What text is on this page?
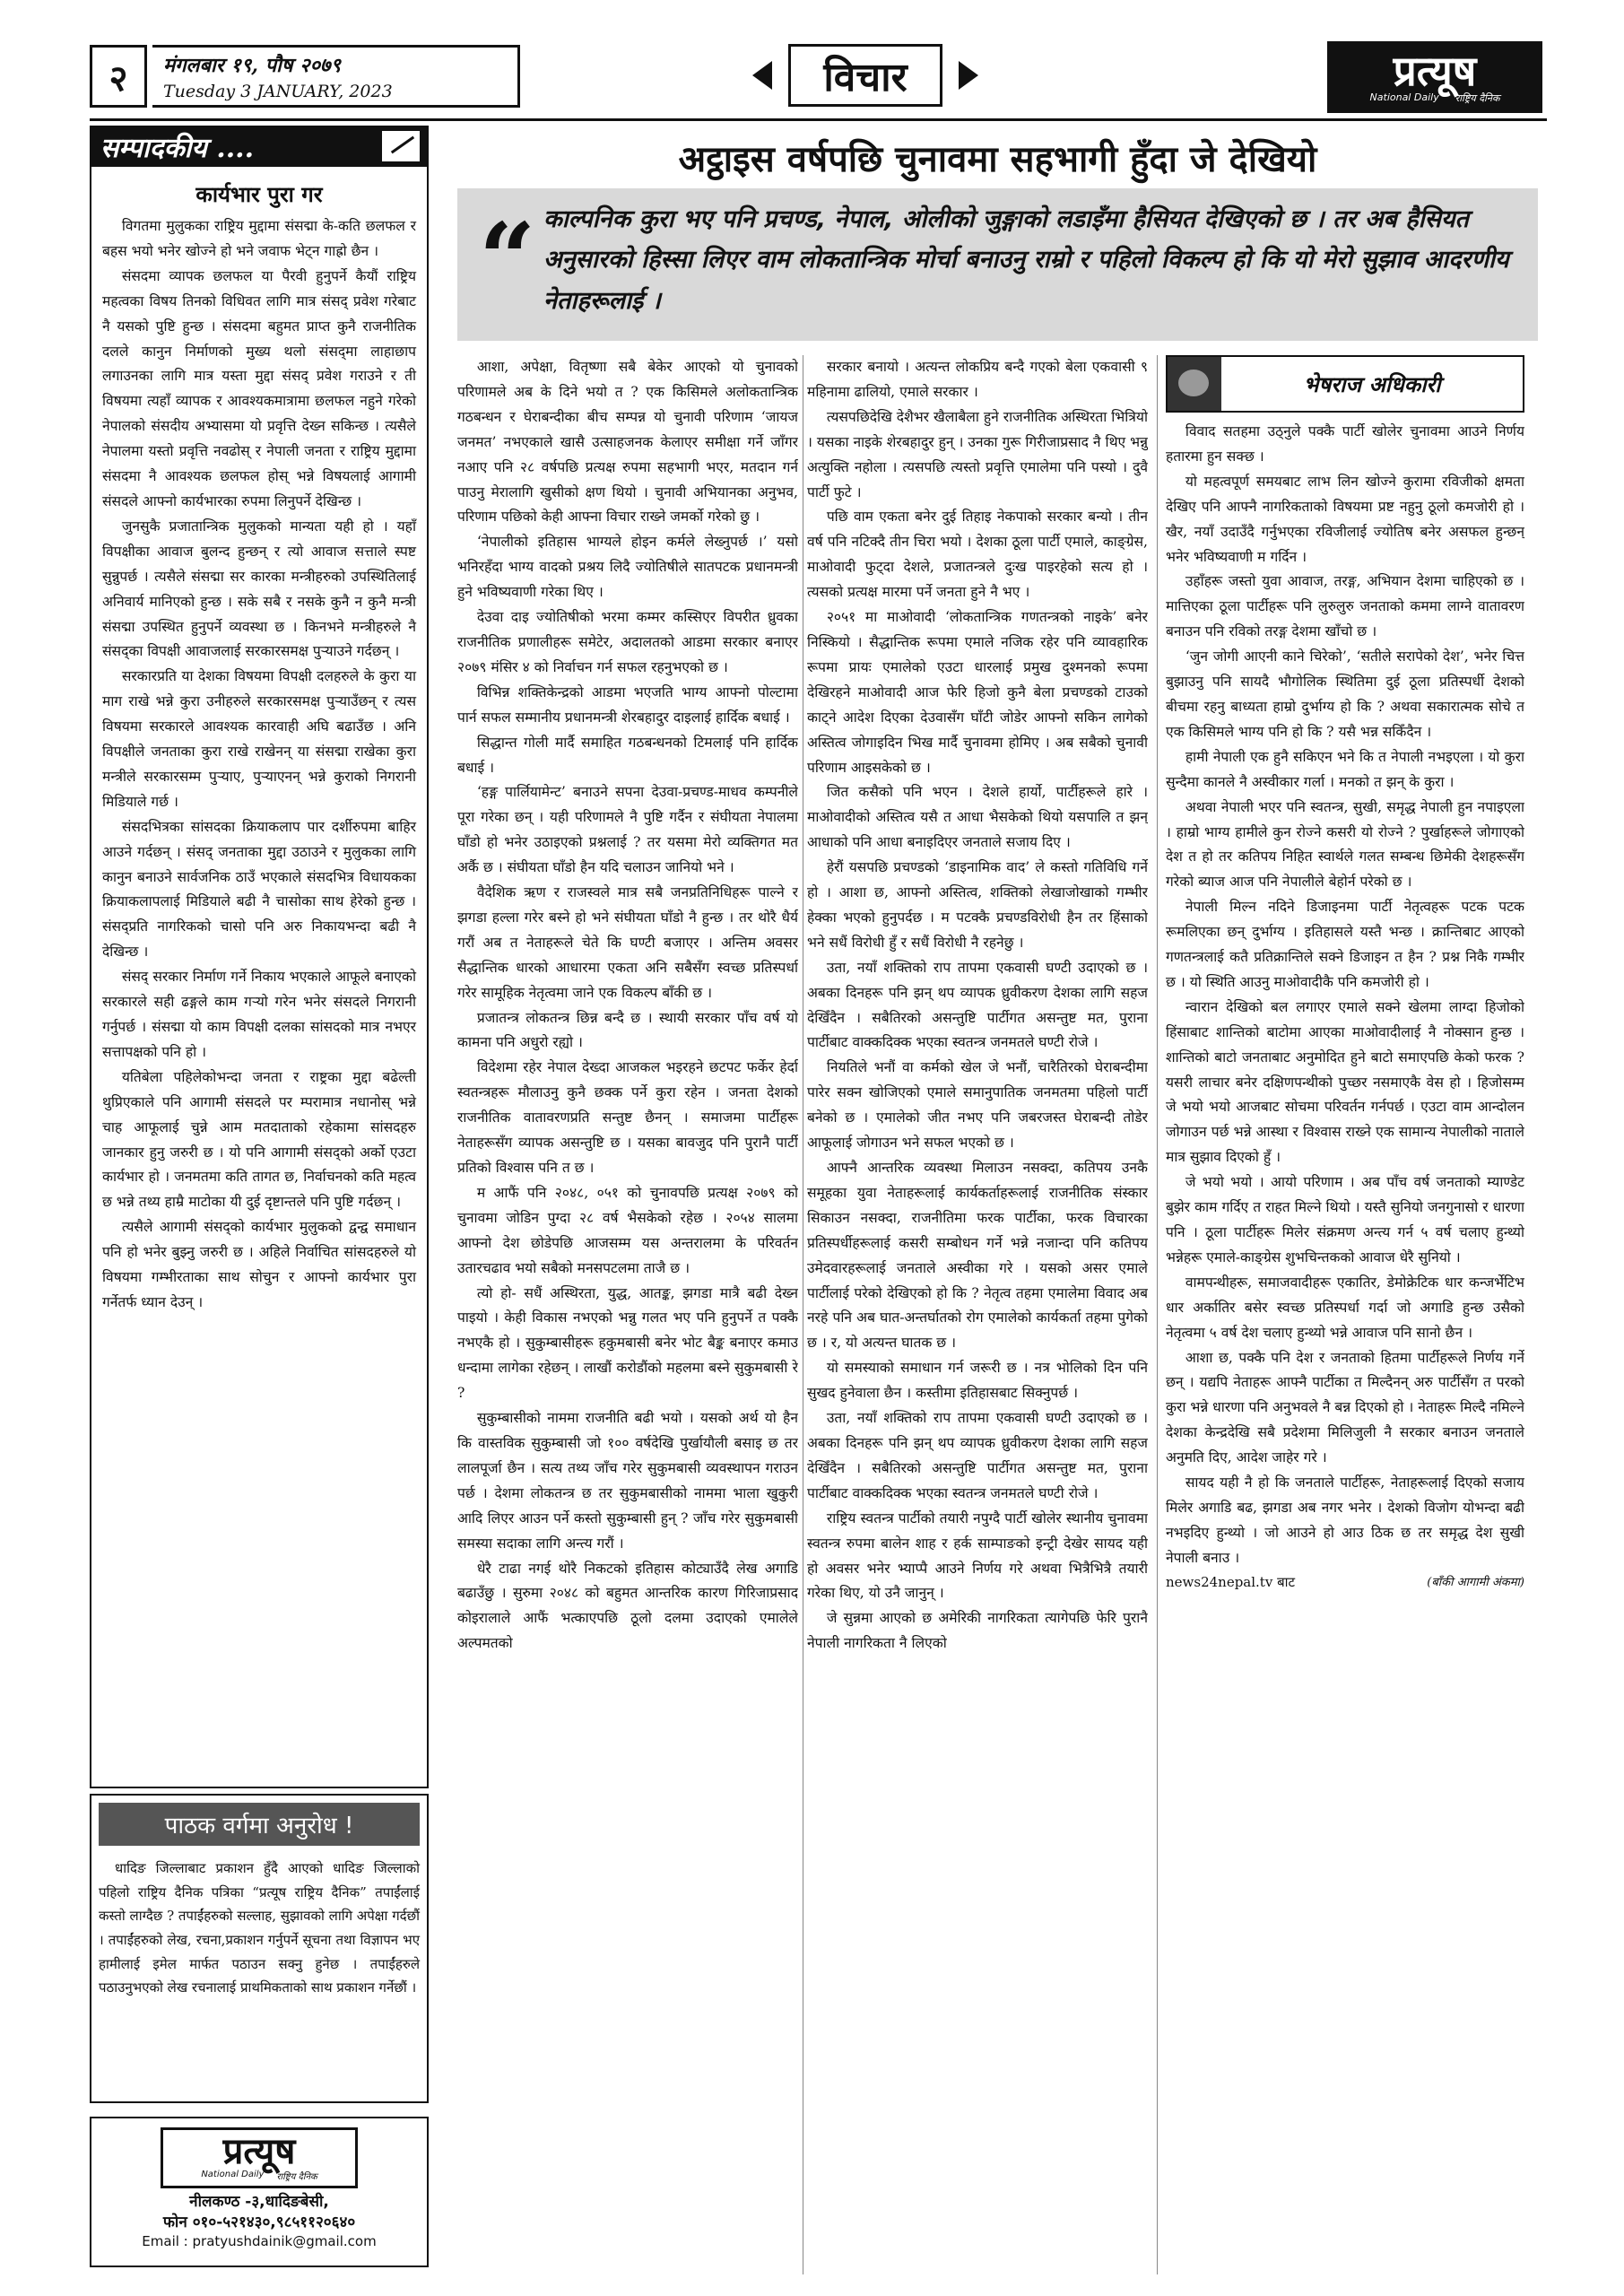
२	मंगलबार १९, पौष २०७९
Tuesday 3 JANUARY, 2023	विचार	प्रत्यूष
National Daily राष्ट्रिय दैनिक
सम्पादकीय ....
कार्यभार पुरा गर

विगतमा मुलुकका राष्ट्रिय मुद्दामा संसद्मा के-कति छलफल र बहस भयो भनेर खोज्ने हो भने जवाफ भेट्न गाह्रो छैन ।

संसदमा व्यापक छलफल या पैरवी हुनुपर्ने कैयौं राष्ट्रिय महत्वका विषय तिनको विधिवत लागि मात्र संसद् प्रवेश गरेबाट नै यसको पुष्टि हुन्छ । संसदमा बहुमत प्राप्त कुनै राजनीतिक दलले कानुन निर्माणको मुख्य थलो संसद्‌मा लाहाछाप लगाउनका लागि मात्र यस्ता मुद्दा संसद् प्रवेश गराउने र ती विषयमा त्यहाँ व्यापक र आवश्यकमात्रामा छलफल नहुने गरेको नेपालको संसदीय अभ्यासमा यो प्रवृत्ति देख्न सकिन्छ । त्यसैले नेपालमा यस्तो प्रवृत्ति नवढोस् र नेपाली जनता र राष्ट्रिय मुद्दामा संसदमा नै आवश्यक छलफल होस् भन्ने विषयलाई आगामी संसदले आफ्नो कार्यभारका रुपमा लिनुपर्ने देखिन्छ ।

जुनसुकै प्रजातान्त्रिक मुलुकको मान्यता यही हो । यहाँ विपक्षीका आवाज बुलन्द हुन्छन् र त्यो आवाज सत्ताले स्पष्ट सुन्नुपर्छ । त्यसैले संसद्मा सर कारका मन्त्रीहरुको उपस्थितिलाई अनिवार्य मानिएको हुन्छ । सके सबै र नसके कुनै न कुनै मन्त्री संसद्मा उपस्थित हुनुपर्ने व्यवस्था छ । किनभने मन्त्रीहरुले नै संसद्‌का विपक्षी आवाजलाई सरकारसमक्ष पुऱ्याउने गर्दछन् ।

सरकारप्रति या देशका विषयमा विपक्षी दलहरुले के कुरा या माग राखे भन्ने कुरा उनीहरुले सरकारसमक्ष पुऱ्याउँछन् र त्यस विषयमा सरकारले आवश्यक कारवाही अघि बढाउँछ । अनि विपक्षीले जनताका कुरा राखे राखेनन् या संसद्मा राखेका कुरा मन्त्रीले सरकारसम्म पुऱ्याए, पुऱ्याएनन् भन्ने कुराको निगरानी मिडियाले गर्छ ।

संसदभित्रका सांसदका क्रियाकलाप पार दर्शीरुपमा बाहिर आउने गर्दछन् । संसद् जनताका मुद्दा उठाउने र मुलुकका लागि कानुन बनाउने सार्वजनिक ठाउँ भएकाले संसदभित्र विधायकका क्रियाकलापलाई मिडियाले बढी नै चासोका साथ हेरेको हुन्छ । संसद्प्रति नागरिकको चासो पनि अरु निकायभन्दा बढी नै देखिन्छ ।

संसद् सरकार निर्माण गर्ने निकाय भएकाले आफूले बनाएको सरकारले सही ढङ्गले काम गऱ्यो गरेन भनेर संसदले निगरानी गर्नुपर्छ । संसद्मा यो काम विपक्षी दलका सांसदको मात्र नभएर सत्तापक्षको पनि हो ।

यतिबेला पहिलेकोभन्दा जनता र राष्ट्रका मुद्दा बढेल्ती थुप्रिएकाले पनि आगामी संसदले पर म्परामात्र नधानोस् भन्ने चाह आफूलाई चुन्ने आम मतदाताको रहेकामा सांसदहरु जानकार हुनु जरुरी छ । यो पनि आगामी संसद्को अर्को एउटा कार्यभार हो । जनमतमा कति तागत छ, निर्वाचनको कति महत्व छ भन्ने तथ्य हाम्रै माटोका यी दुई दृष्टान्तले पनि पुष्टि गर्दछन् ।

त्यसैले आगामी संसद्को कार्यभार मुलुकको द्वन्द्व समाधान पनि हो भनेर बुझ्नु जरुरी छ । अहिले निर्वाचित सांसदहरुले यो विषयमा गम्भीरताका साथ सोचुन र आफ्नो कार्यभार पुरा गर्नेतर्फ ध्यान देउन् ।

पाठक वर्गमा अनुरोध !

धादिङ जिल्लाबाट प्रकाशन हुँदै आएको धादिङ जिल्लाको पहिलो राष्ट्रिय दैनिक पत्रिका “प्रत्यूष राष्ट्रिय दैनिक” तपाईंलाई कस्तो लाग्दैछ ? तपाईंहरुको सल्लाह, सुझावको लागि अपेक्षा गर्दछौं । तपाईंहरुको लेख, रचना,प्रकाशन गर्नुपर्ने सूचना तथा विज्ञापन भए हामीलाई इमेल मार्फत पठाउन सक्नु हुनेछ । तपाईंहरुले पठाउनुभएको लेख रचनालाई प्राथमिकताको साथ प्रकाशन गर्नेछौं ।

प्रत्यूष
National Daily राष्ट्रिय दैनिक
नीलकण्ठ -३,धादिङबेसी,
फोन ०१०-५२१४३०,९८५११२०६४०
Email : pratyushdainik@gmail.com
अट्ठाइस वर्षपछि चुनावमा सहभागी हुँदा जे देखियो
“ काल्पनिक कुरा भए पनि प्रचण्ड, नेपाल, ओलीको जुङ्गाको लडाइँमा हैसियत देखिएको छ । तर अब हैसियत अनुसारको हिस्सा लिएर वाम लोकतान्त्रिक मोर्चा बनाउनु राम्रो र पहिलो विकल्प हो कि यो मेरो सुझाव आदरणीय नेताहरूलाई ।

आशा, अपेक्षा, वितृष्णा सबै बेकेर आएको यो चुनावको परिणामले अब के दिने भयो त ? एक किसिमले अलोकतान्त्रिक गठबन्धन र घेराबन्दीका बीच सम्पन्न यो चुनावी परिणाम ‘जायज जनमत’ नभएकाले खासै उत्साहजनक केलाएर समीक्षा गर्ने जाँगर नआए पनि २८ वर्षपछि प्रत्यक्ष रुपमा सहभागी भएर, मतदान गर्न पाउनु मेरालागि खुसीको क्षण थियो । चुनावी अभियानका अनुभव, परिणाम पछिको केही आफ्ना विचार राख्ने जमर्को गरेको छु ।

‘नेपालीको इतिहास भाग्यले होइन कर्मले लेख्नुपर्छ ।’ यसो भनिरहँदा भाग्य वादको प्रश्रय लिदै ज्योतिषीले सातपटक प्रधानमन्त्री हुने भविष्यवाणी गरेका थिए ।

देउवा दाइ ज्योतिषीको भरमा कम्मर कस्सिएर विपरीत ध्रुवका राजनीतिक प्रणालीहरू समेटेर, अदालतको आडमा सरकार बनाएर २०७९ मंसिर ४ को निर्वाचन गर्न सफल रहनुभएको छ ।

विभिन्न शक्तिकेन्द्रको आडमा भएजति भाग्य आफ्नो पोल्टामा पार्न सफल सम्मानीय प्रधानमन्त्री शेरबहादुर दाइलाई हार्दिक बधाई ।

सिद्धान्त गोली मार्दै समाहित गठबन्धनको टिमलाई पनि हार्दिक बधाई ।

‘हङ्ग पार्लियामेन्ट’ बनाउने सपना देउवा-प्रचण्ड-माधव कम्पनीले पूरा गरेका छन् । यही परिणामले नै पुष्टि गर्दैन र संघीयता नेपालमा घाँडो हो भनेर उठाइएको प्रश्नलाई ? तर यसमा मेरो व्यक्तिगत मत अर्कै छ । संघीयता घाँडो हैन यदि चलाउन जानियो भने ।

वैदेशिक ऋण र राजस्वले मात्र सबै जनप्रतिनिधिहरू पाल्ने र झगडा हल्ला गरेर बस्ने हो भने संघीयता घाँडो नै हुन्छ । तर थोरै धैर्य गरौं अब त नेताहरूले चेते कि घण्टी बजाएर । अन्तिम अवसर सैद्धान्तिक धारको आधारमा एकता अनि सबैसँग स्वच्छ प्रतिस्पर्धा गरेर सामूहिक नेतृत्वमा जाने एक विकल्प बाँकी छ ।

प्रजातन्त्र लोकतन्त्र छिन्न बन्दै छ । स्थायी सरकार पाँच वर्ष यो कामना पनि अधुरो रह्यो ।

विदेशमा रहेर नेपाल देख्दा आजकल भइरहने छटपट फर्केर हेर्दा स्वतन्त्रहरू मौलाउनु कुनै छक्क पर्ने कुरा रहेन । जनता देशको राजनीतिक वातावरणप्रति सन्तुष्ट छैनन् । समाजमा पार्टीहरू नेताहरूसँग व्यापक असन्तुष्टि छ । यसका बावजुद पनि पुरानै पार्टी प्रतिको विश्वास पनि त छ ।

म आफैं पनि २०४८, ०५१ को चुनावपछि प्रत्यक्ष २०७९ को चुनावमा जोडिन पुग्दा २८ वर्ष भैसकेको रहेछ । २०५४ सालमा आफ्नो देश छोडेपछि आजसम्म यस अन्तरालमा के परिवर्तन उतारचढाव भयो सबैको मनसपटलमा ताजै छ ।

त्यो हो- सधैं अस्थिरता, युद्ध, आतङ्क, झगडा मात्रै बढी देख्न पाइयो । केही विकास नभएको भन्नु गलत भए पनि हुनुपर्ने त पक्कै नभएकै हो । सुकुम्बासीहरू हकुमबासी बनेर भोट बैङ्क बनाएर कमाउ धन्दामा लागेका रहेछन् । लाखौं करोडौंको महलमा बस्ने सुकुमबासी रे ?

सुकुम्बासीको नाममा राजनीति बढी भयो । यसको अर्थ यो हैन कि वास्तविक सुकुम्बासी जो १०० वर्षदेखि पुर्खायौली बसाइ छ तर लालपूर्जा छैन । सत्य तथ्य जाँच गरेर सुकुमबासी व्यवस्थापन गराउन पर्छ । देशमा लोकतन्त्र छ तर सुकुमबासीको नाममा भाला खुकुरी आदि लिएर आउन पर्ने कस्तो सुकुम्बासी हुन् ? जाँच गरेर सुकुमबासी समस्या सदाका लागि अन्त्य गरौं ।

धेरै टाढा नगई थोरै निकटको इतिहास कोट्याउँदै लेख अगाडि बढाउँछु । सुरुमा २०४८ को बहुमत आन्तरिक कारण गिरिजाप्रसाद कोइरालाले आफैं भत्काएपछि ठूलो दलमा उदाएको एमालेले अल्पमतको

सरकार बनायो । अत्यन्त लोकप्रिय बन्दै गएको बेला एकवासी ९ महिनामा ढालियो, एमाले सरकार ।

त्यसपछिदेखि देशैभर खैलाबैला हुने राजनीतिक अस्थिरता भित्रियो । यसका नाइके शेरबहादुर हुन् । उनका गुरू गिरीजाप्रसाद नै थिए भन्नु अत्युक्ति नहोला । त्यसपछि त्यस्तो प्रवृत्ति एमालेमा पनि पस्यो । दुवै पार्टी फुटे ।

पछि वाम एकता बनेर दुई तिहाइ नेकपाको सरकार बन्यो । तीन वर्ष पनि नटिक्दै तीन चिरा भयो । देशका ठूला पार्टी एमाले, काङ्ग्रेस, माओवादी फुट्दा देशले, प्रजातन्त्रले दुःख पाइरहेको सत्य हो । त्यसको प्रत्यक्ष मारमा पर्ने जनता हुने नै भए ।

२०५१ मा माओवादी ‘लोकतान्त्रिक गणतन्त्रको नाइके’ बनेर निस्कियो । सैद्धान्तिक रूपमा एमाले नजिक रहेर पनि व्यावहारिक रूपमा प्रायः एमालेको एउटा धारलाई प्रमुख दुश्मनको रूपमा देखिरहने माओवादी आज फेरि हिजो कुनै बेला प्रचण्डको टाउको काट्ने आदेश दिएका देउवासँग घाँटी जोडेर आफ्नो सकिन लागेको अस्तित्व जोगाइदिन भिख मार्दै चुनावमा होमिए । अब सबैको चुनावी परिणाम आइसकेको छ ।

जित कसैको पनि भएन । देशले हार्यो, पार्टीहरूले हारे । माओवादीको अस्तित्व यसै त आधा भैसकेको थियो यसपालि त झन् आधाको पनि आधा बनाइदिएर जनताले सजाय दिए ।

हेरौं यसपछि प्रचण्डको ‘डाइनामिक वाद’ ले कस्तो गतिविधि गर्ने हो । आशा छ, आफ्नो अस्तित्व, शक्तिको लेखाजोखाको गम्भीर हेक्का भएको हुनुपर्दछ । म पटक्कै प्रचण्डविरोधी हैन तर हिंसाको भने सधैं विरोधी हुँ र सधैं विरोधी नै रहनेछु ।

उता, नयाँ शक्तिको राप तापमा एकवासी घण्टी उदाएको छ । अबका दिनहरू पनि झन् थप व्यापक ध्रुवीकरण देशका लागि सहज देखिँदैन । सबैतिरको असन्तुष्टि पार्टीगत असन्तुष्ट मत, पुराना पार्टीबाट वाक्कदिक्क भएका स्वतन्त्र जनमतले घण्टी रोजे ।

नियतिले भनौं वा कर्मको खेल जे भनौं, चारैतिरको घेराबन्दीमा पारेर सक्न खोजिएको एमाले समानुपातिक जनमतमा पहिलो पार्टी बनेको छ । एमालेको जीत नभए पनि जबरजस्त घेराबन्दी तोडेर आफूलाई जोगाउन भने सफल भएको छ ।

आफ्नै आन्तरिक व्यवस्था मिलाउन नसक्दा, कतिपय उनकै समूहका युवा नेताहरूलाई कार्यकर्ताहरूलाई राजनीतिक संस्कार सिकाउन नसक्दा, राजनीतिमा फरक पार्टीका, फरक विचारका प्रतिस्पर्धीहरूलाई कसरी सम्बोधन गर्ने भन्ने नजान्दा पनि कतिपय उमेदवारहरूलाई जनताले अस्वीका गरे । यसको असर एमाले पार्टीलाई परेको देखिएको हो कि ? नेतृत्व तहमा एमालेमा विवाद अब नरहे पनि अब घात-अन्तर्घातको रोग एमालेको कार्यकर्ता तहमा पुगेको छ । र, यो अत्यन्त घातक छ ।

यो समस्याको समाधान गर्न जरूरी छ । नत्र भोलिको दिन पनि सुखद हुनेवाला छैन । कस्तीमा इतिहासबाट सिक्नुपर्छ ।

उता, नयाँ शक्तिको राप तापमा एकवासी घण्टी उदाएको छ । अबका दिनहरू पनि झन् थप व्यापक ध्रुवीकरण देशका लागि सहज देखिँदैन । सबैतिरको असन्तुष्टि पार्टीगत असन्तुष्ट मत, पुराना पार्टीबाट वाक्कदिक्क भएका स्वतन्त्र जनमतले घण्टी रोजे ।

राष्ट्रिय स्वतन्त्र पार्टीको तयारी नपुग्दै पार्टी खोलेर स्थानीय चुनावमा स्वतन्त्र रुपमा बालेन शाह र हर्क साम्पाङको इन्ट्री देखेर सायद यही हो अवसर भनेर भ्याप्पै आउने निर्णय गरे अथवा भित्रैभित्रै तयारी गरेका थिए, यो उनै जानुन् ।

जे सुन्नमा आएको छ अमेरिकी नागरिकता त्यागेपछि फेरि पुरानै नेपाली नागरिकता नै लिएको

भेषराज अधिकारी

विवाद सतहमा उठ्नुले पक्कै पार्टी खोलेर चुनावमा आउने निर्णय हतारमा हुन सक्छ ।

यो महत्वपूर्ण समयबाट लाभ लिन खोज्ने कुरामा रविजीको क्षमता देखिए पनि आफ्नै नागरिकताको विषयमा प्रष्ट नहुनु ठूलो कमजोरी हो । खैर, नयाँ उदाउँदै गर्नुभएका रविजीलाई ज्योतिष बनेर असफल हुन्छन् भनेर भविष्यवाणी म गर्दिन ।

उहाँहरू जस्तो युवा आवाज, तरङ्ग, अभियान देशमा चाहिएको छ । मात्तिएका ठूला पार्टीहरू पनि लुरुलुरु जनताको कममा लाग्ने वातावरण बनाउन पनि रविको तरङ्ग देशमा खाँचो छ ।

‘जुन जोगी आएनी काने चिरेको’, ‘सतीले सरापेको देश’, भनेर चित्त बुझाउनु पनि सायदै भौगोलिक स्थितिमा दुई ठूला प्रतिस्पर्धी देशको बीचमा रहनु बाध्यता हाम्रो दुर्भाग्य हो कि ? अथवा सकारात्मक सोचे त एक किसिमले भाग्य पनि हो कि ? यसै भन्न सकिँदैन ।

हामी नेपाली एक हुनै सकिएन भने कि त नेपाली नभइएला । यो कुरा सुन्दैमा कानले नै अस्वीकार गर्ला । मनको त झन् के कुरा ।

अथवा नेपाली भएर पनि स्वतन्त्र, सुखी, समृद्ध नेपाली हुन नपाइएला । हाम्रो भाग्य हामीले कुन रोज्ने कसरी यो रोज्ने ? पुर्खाहरूले जोगाएको देश त हो तर कतिपय निहित स्वार्थले गलत सम्बन्ध छिमेकी देशहरूसँग गरेको ब्याज आज पनि नेपालीले बेहोर्न परेको छ ।

नेपाली मिल्न नदिने डिजाइनमा पार्टी नेतृत्वहरू पटक पटक रूमलिएका छन् दुर्भाग्य । इतिहासले यस्तै भन्छ । क्रान्तिबाट आएको गणतन्त्रलाई कतै प्रतिक्रान्तिले सक्ने डिजाइन त हैन ? प्रश्न निकै गम्भीर छ । यो स्थिति आउनु माओवादीकै पनि कमजोरी हो ।

न्वारान देखिको बल लगाएर एमाले सक्ने खेलमा लाग्दा हिजोको हिंसाबाट शान्तिको बाटोमा आएका माओवादीलाई नै नोक्सान हुन्छ । शान्तिको बाटो जनताबाट अनुमोदित हुने बाटो समाएपछि केको फरक ? यसरी लाचार बनेर दक्षिणपन्थीको पुच्छर नसमाएकै वेस हो । हिजोसम्म जे भयो भयो आजबाट सोचमा परिवर्तन गर्नपर्छ । एउटा वाम आन्दोलन जोगाउन पर्छ भन्ने आस्था र विश्वास राख्ने एक सामान्य नेपालीको नाताले मात्र सुझाव दिएको हुँ ।

जे भयो भयो । आयो परिणाम । अब पाँच वर्ष जनताको म्याण्डेट बुझेर काम गर्दिए त राहत मिल्ने थियो । यस्तै सुनियो जनगुनासो र धारणा पनि । ठूला पार्टीहरू मिलेर संक्रमण अन्त्य गर्न ५ वर्ष चलाए हुन्थ्यो भन्नेहरू एमाले-काङ्ग्रेस शुभचिन्तकको आवाज धेरै सुनियो ।

वामपन्थीहरू, समाजवादीहरू एकातिर, डेमोक्रेटिक धार कन्जर्भेटिभ धार अर्कातिर बसेर स्वच्छ प्रतिस्पर्धा गर्दा जो अगाडि हुन्छ उसैको नेतृत्वमा ५ वर्ष देश चलाए हुन्थ्यो भन्ने आवाज पनि सानो छैन ।

आशा छ, पक्कै पनि देश र जनताको हितमा पार्टीहरूले निर्णय गर्ने छन् । यद्यपि नेताहरू आफ्नै पार्टीका त मिल्दैनन् अरु पार्टीसँग त परको कुरा भन्ने धारणा पनि अनुभवले नै बन्न दिएको हो । नेताहरू मिल्दै नमिल्ने देशका केन्द्रदेखि सबै प्रदेशमा मिलिजुली नै सरकार बनाउन जनताले अनुमति दिए, आदेश जाहेर गरे ।

सायद यही नै हो कि जनताले पार्टीहरू, नेताहरूलाई दिएको सजाय मिलेर अगाडि बढ, झगडा अब नगर भनेर । देशको विजोग योभन्दा बढी नभइदिए हुन्थ्यो । जो आउने हो आउ ठिक छ तर समृद्ध देश सुखी नेपाली बनाउ ।

news24nepal.tv बाट	(बाँकी आगामी अंकमा)
